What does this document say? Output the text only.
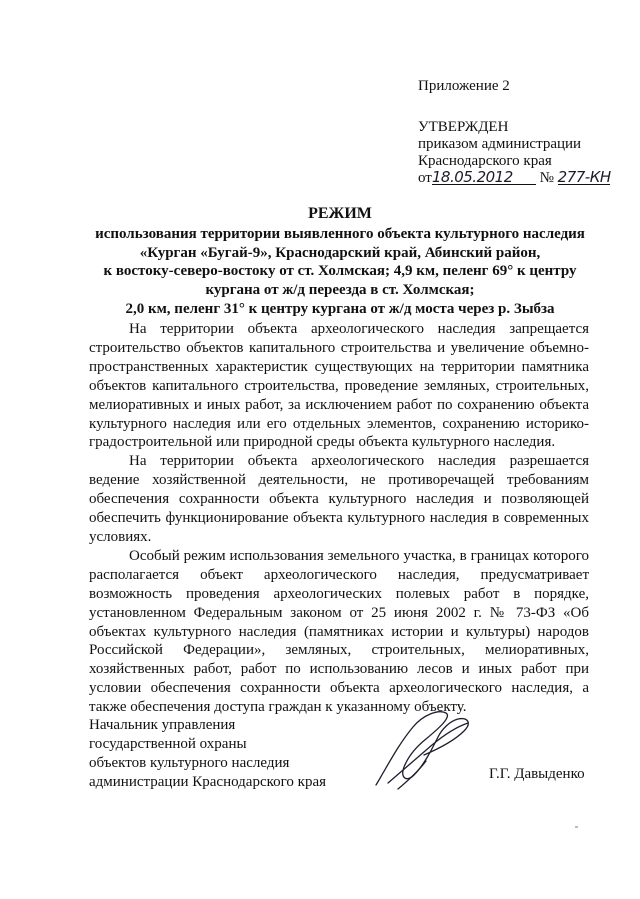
Приложение 2
УТВЕРЖДЕН
приказом администрации
Краснодарского края
от18.05.2012 № 277-КН
РЕЖИМ
использования территории выявленного объекта культурного наследия
«Курган «Бугай-9», Краснодарский край, Абинский район,
к востоку-северо-востоку от ст. Холмская; 4,9 км, пеленг 69° к центру
кургана от ж/д переезда в ст. Холмская;
2,0 км, пеленг 31° к центру кургана от ж/д моста через р. Зыбза

На территории объекта археологического наследия запрещается строительство объектов капитального строительства и увеличение объемно-пространственных характеристик существующих на территории памятника объектов капитального строительства, проведение земляных, строительных, мелиоративных и иных работ, за исключением работ по сохранению объекта культурного наследия или его отдельных элементов, сохранению историко-градостроительной или природной среды объекта культурного наследия.

На территории объекта археологического наследия разрешается ведение хозяйственной деятельности, не противоречащей требованиям обеспечения сохранности объекта культурного наследия и позволяющей обеспечить функционирование объекта культурного наследия в современных условиях.

Особый режим использования земельного участка, в границах которого располагается объект археологического наследия, предусматривает возможность проведения археологических полевых работ в порядке, установленном Федеральным законом от 25 июня 2002 г. № 73-ФЗ «Об объектах культурного наследия (памятниках истории и культуры) народов Российской Федерации», земляных, строительных, мелиоративных, хозяйственных работ, работ по использованию лесов и иных работ при условии обеспечения сохранности объекта археологического наследия, а также обеспечения доступа граждан к указанному объекту.

Начальник управления
государственной охраны
объектов культурного наследия
администрации Краснодарского края	Г.Г. Давыденко
